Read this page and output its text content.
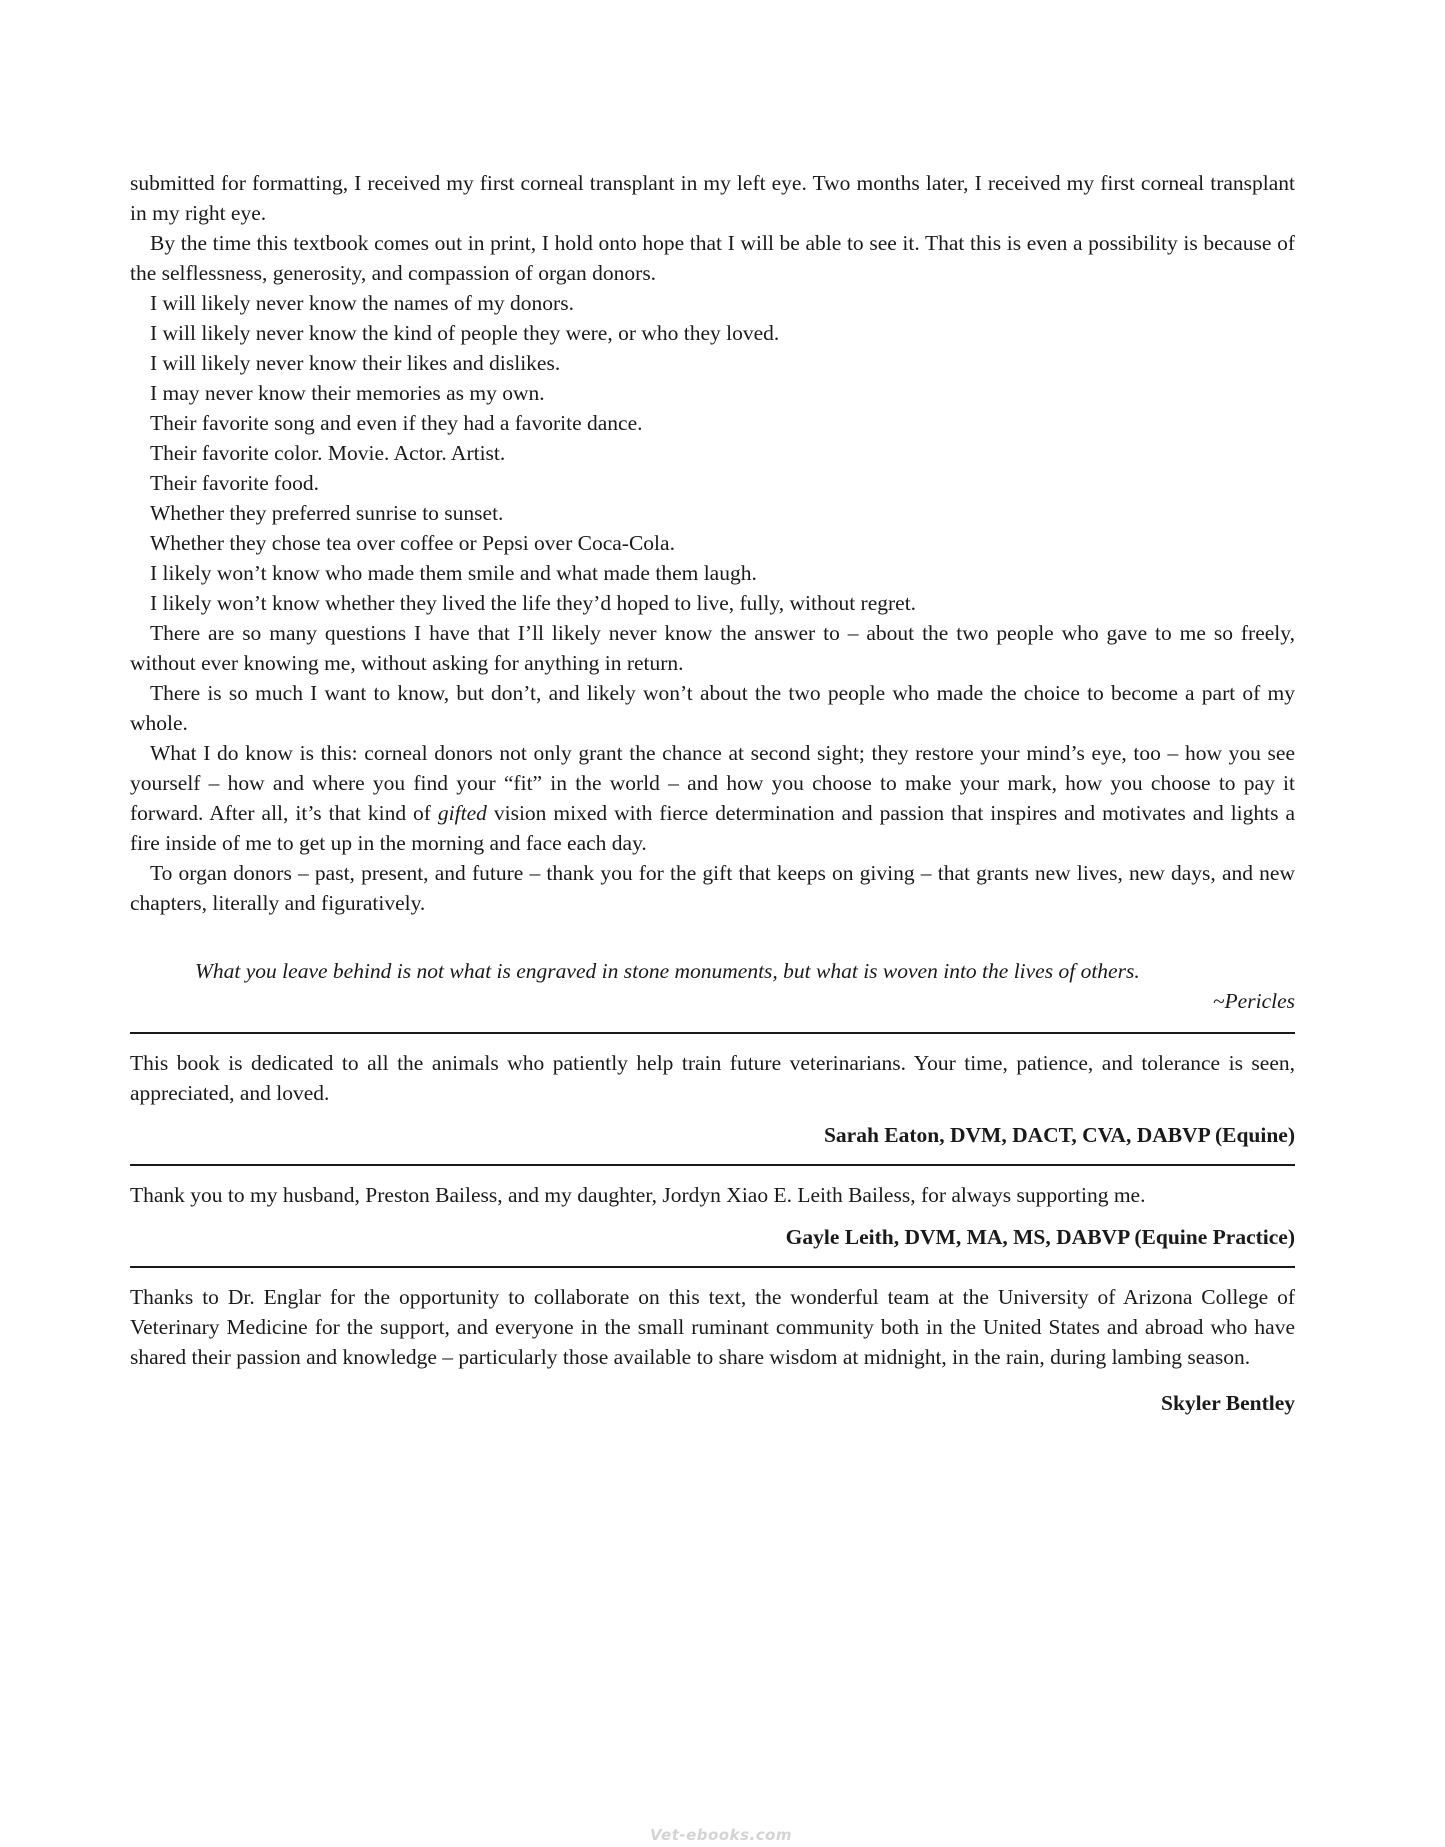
submitted for formatting, I received my first corneal transplant in my left eye. Two months later, I received my first corneal transplant in my right eye.

By the time this textbook comes out in print, I hold onto hope that I will be able to see it. That this is even a possibility is because of the selflessness, generosity, and compassion of organ donors.

I will likely never know the names of my donors.

I will likely never know the kind of people they were, or who they loved.

I will likely never know their likes and dislikes.

I may never know their memories as my own.

Their favorite song and even if they had a favorite dance.

Their favorite color. Movie. Actor. Artist.

Their favorite food.

Whether they preferred sunrise to sunset.

Whether they chose tea over coffee or Pepsi over Coca-Cola.

I likely won’t know who made them smile and what made them laugh.

I likely won’t know whether they lived the life they’d hoped to live, fully, without regret.

There are so many questions I have that I’ll likely never know the answer to – about the two people who gave to me so freely, without ever knowing me, without asking for anything in return.

There is so much I want to know, but don’t, and likely won’t about the two people who made the choice to become a part of my whole.

What I do know is this: corneal donors not only grant the chance at second sight; they restore your mind’s eye, too – how you see yourself – how and where you find your “fit” in the world – and how you choose to make your mark, how you choose to pay it forward. After all, it’s that kind of gifted vision mixed with fierce determination and passion that inspires and motivates and lights a fire inside of me to get up in the morning and face each day.

To organ donors – past, present, and future – thank you for the gift that keeps on giving – that grants new lives, new days, and new chapters, literally and figuratively.

What you leave behind is not what is engraved in stone monuments, but what is woven into the lives of others.

~Pericles

This book is dedicated to all the animals who patiently help train future veterinarians. Your time, patience, and tolerance is seen, appreciated, and loved.

Sarah Eaton, DVM, DACT, CVA, DABVP (Equine)

Thank you to my husband, Preston Bailess, and my daughter, Jordyn Xiao E. Leith Bailess, for always supporting me.

Gayle Leith, DVM, MA, MS, DABVP (Equine Practice)

Thanks to Dr. Englar for the opportunity to collaborate on this text, the wonderful team at the University of Arizona College of Veterinary Medicine for the support, and everyone in the small ruminant community both in the United States and abroad who have shared their passion and knowledge – particularly those available to share wisdom at midnight, in the rain, during lambing season.

Skyler Bentley

Vet-ebooks.com
